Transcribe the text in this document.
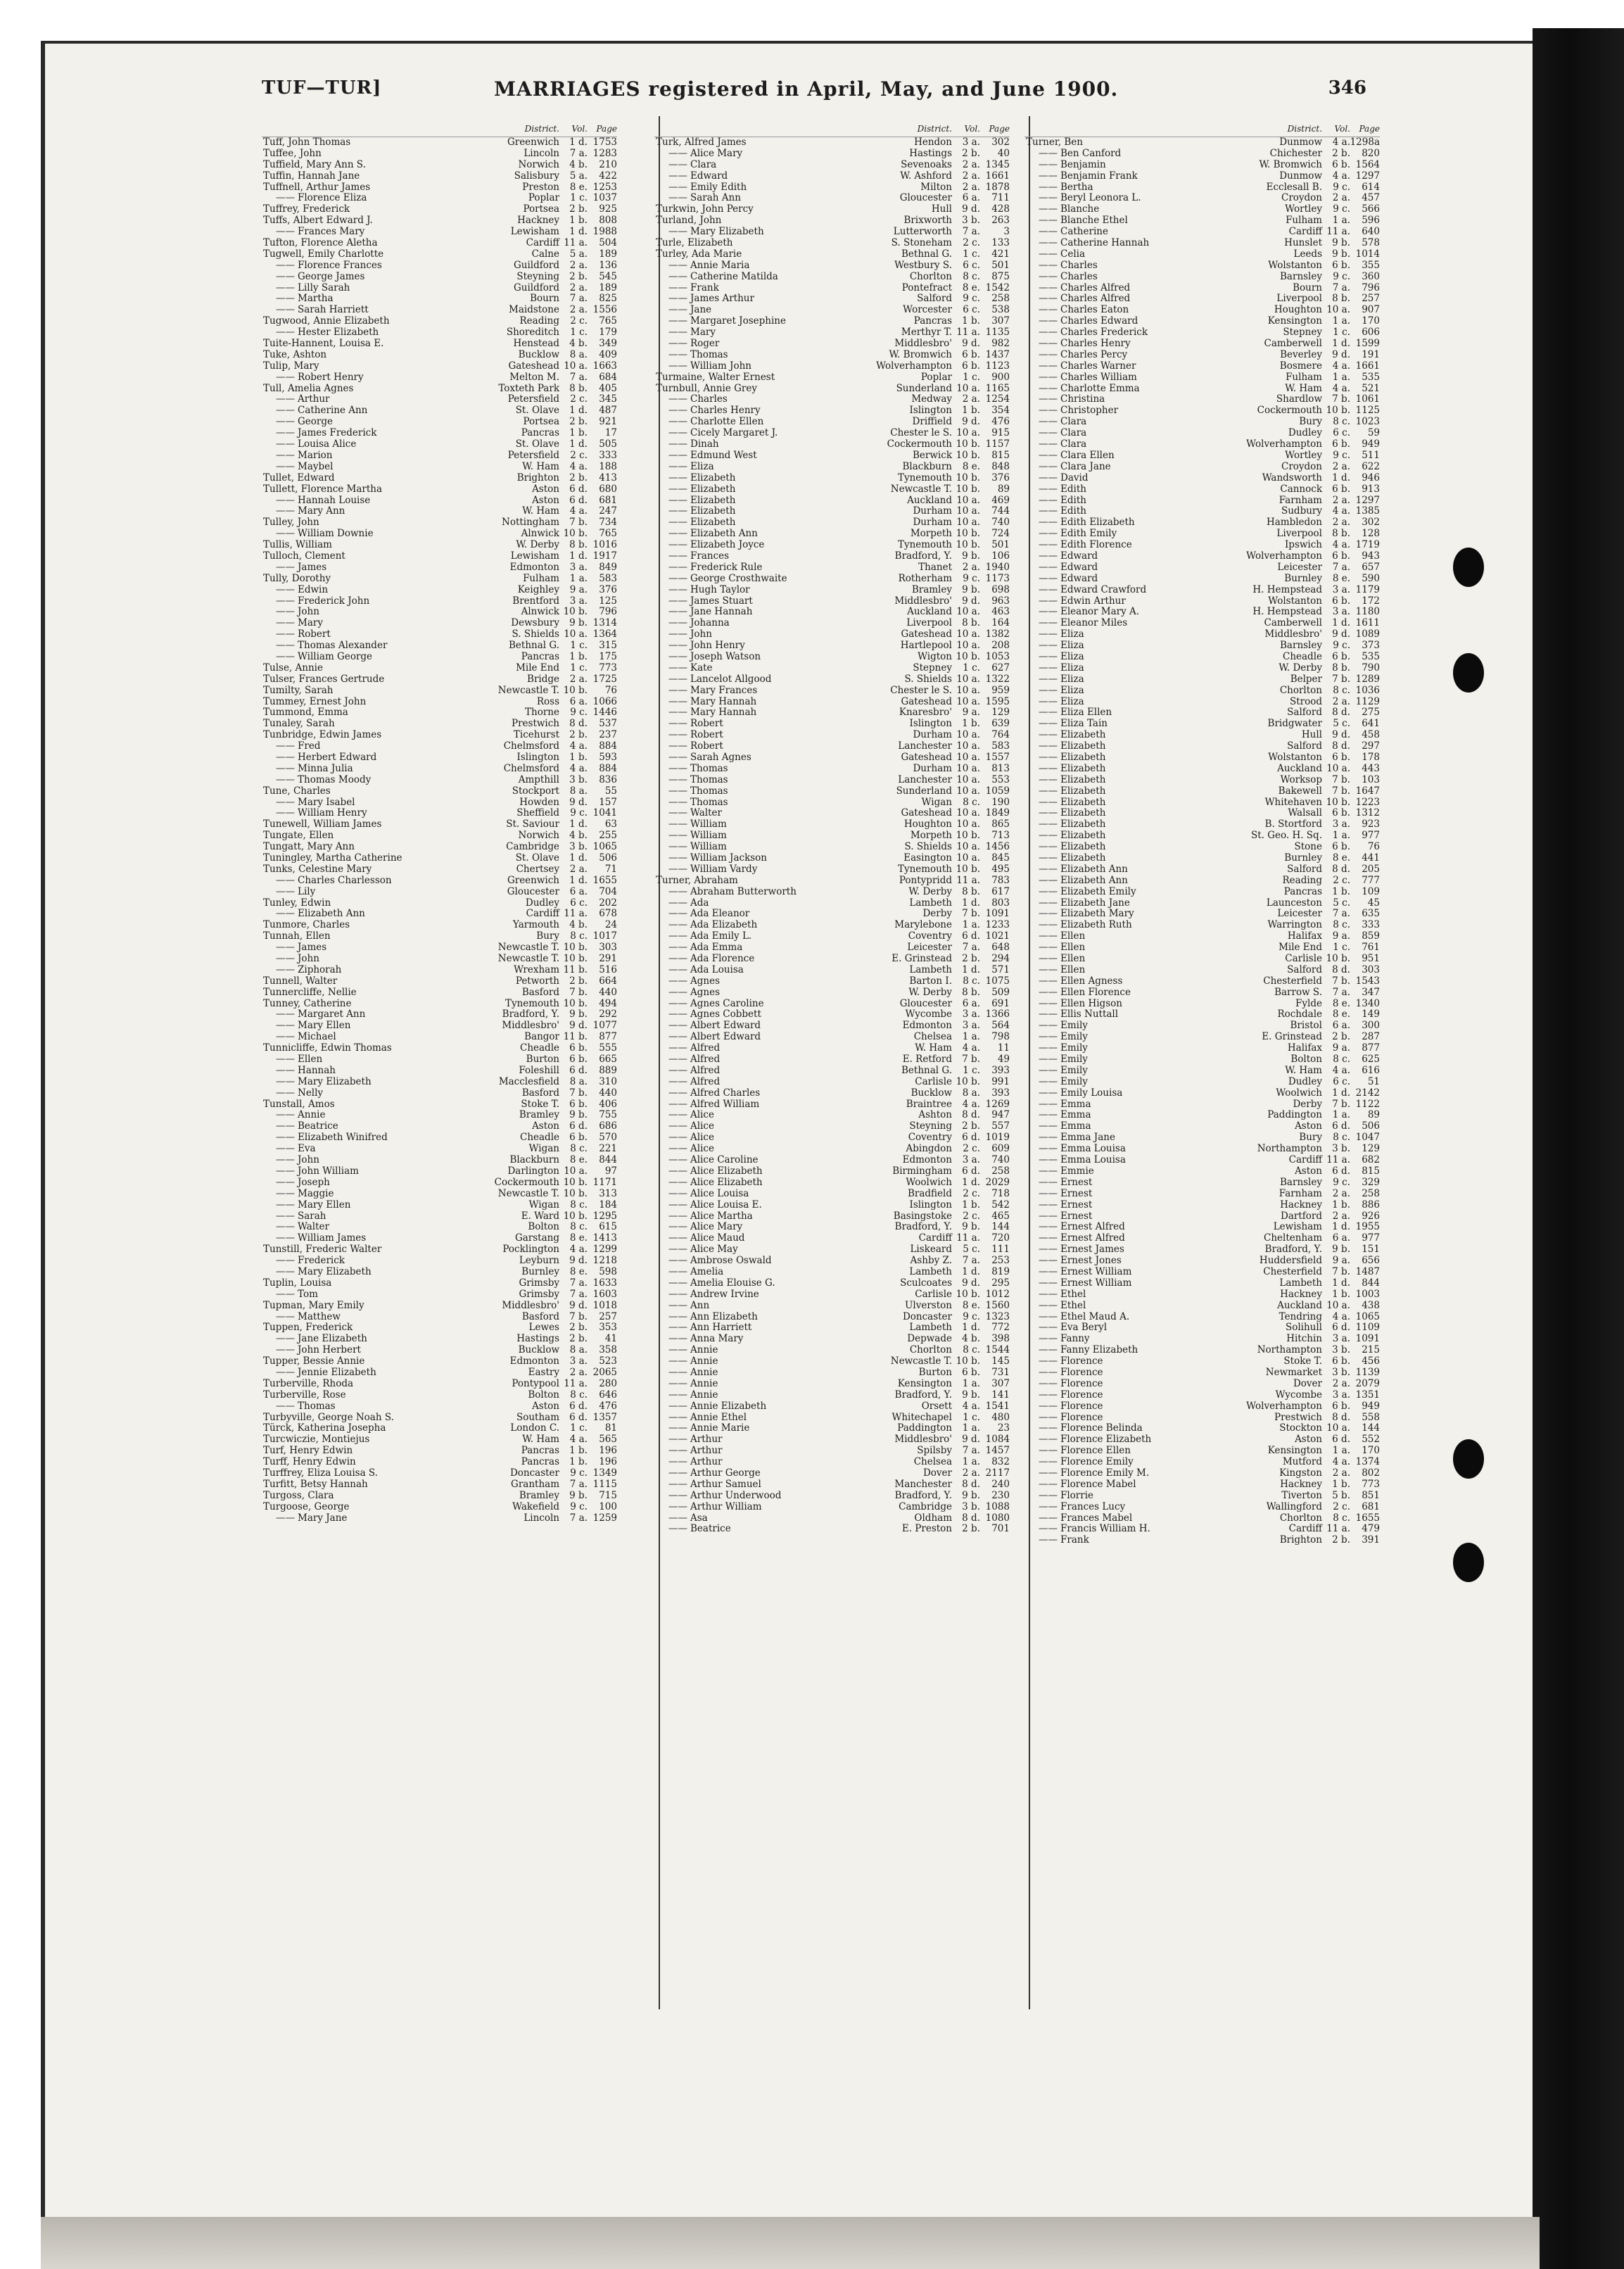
TUF—TUR]	MARRIAGES registered in April, May, and June 1900.	346
District. Vol. Page
Tuff, John Thomas	Greenwich 1 d. 1753
Tuffee, John	Lincoln 7 a. 1283
Tuffield, Mary Ann S.	Norwich 4 b. 210
Tuffin, Hannah Jane	Salisbury 5 a. 422
Tuffnell, Arthur James	Preston 8 e. 1253
—— Florence Eliza	Poplar 1 c. 1037
Tuffrey, Frederick	Portsea 2 b. 925
Tuffs, Albert Edward J.	Hackney 1 b. 808
—— Frances Mary	Lewisham 1 d. 1988
Tufton, Florence Aletha	Cardiff 11 a. 504
Tugwell, Emily Charlotte	Calne 5 a. 189
—— Florence Frances	Guildford 2 a. 136
—— George James	Steyning 2 b. 545
—— Lilly Sarah	Guildford 2 a. 189
—— Martha	Bourn 7 a. 825
—— Sarah Harriett	Maidstone 2 a. 1556
Tugwood, Annie Elizabeth	Reading 2 c. 765
—— Hester Elizabeth	Shoreditch 1 c. 179
Tuite-Hannent, Louisa E.	Henstead 4 b. 349
Tuke, Ashton	Bucklow 8 a. 409
Tulip, Mary	Gateshead 10 a. 1663
—— Robert Henry	Melton M. 7 a. 684
Tull, Amelia Agnes	Toxteth Park 8 b. 405
—— Arthur	Petersfield 2 c. 345
—— Catherine Ann	St. Olave 1 d. 487
—— George	Portsea 2 b. 921
—— James Frederick	Pancras 1 b. 17
—— Louisa Alice	St. Olave 1 d. 505
—— Marion	Petersfield 2 c. 333
—— Maybel	W. Ham 4 a. 188
Tullet, Edward	Brighton 2 b. 413
Tullett, Florence Martha	Aston 6 d. 680
—— Hannah Louise	Aston 6 d. 681
—— Mary Ann	W. Ham 4 a. 247
Tulley, John	Nottingham 7 b. 734
—— William Downie	Alnwick 10 b. 765
Tullis, William	W. Derby 8 b. 1016
Tulloch, Clement	Lewisham 1 d. 1917
—— James	Edmonton 3 a. 849
Tully, Dorothy	Fulham 1 a. 583
—— Edwin	Keighley 9 a. 376
—— Frederick John	Brentford 3 a. 125
—— John	Alnwick 10 b. 796
—— Mary	Dewsbury 9 b. 1314
—— Robert	S. Shields 10 a. 1364
—— Thomas Alexander	Bethnal G. 1 c. 315
—— William George	Pancras 1 b. 175
Tulse, Annie	Mile End 1 c. 773
Tulser, Frances Gertrude	Bridge 2 a. 1725
Tumilty, Sarah	Newcastle T. 10 b. 76
Tummey, Ernest John	Ross 6 a. 1066
Tummond, Emma	Thorne 9 c. 1446
Tunaley, Sarah	Prestwich 8 d. 537
Tunbridge, Edwin James	Ticehurst 2 b. 237
—— Fred	Chelmsford 4 a. 884
—— Herbert Edward	Islington 1 b. 593
—— Minna Julia	Chelmsford 4 a. 884
—— Thomas Moody	Ampthill 3 b. 836
Tune, Charles	Stockport 8 a. 55
—— Mary Isabel	Howden 9 d. 157
—— William Henry	Sheffield 9 c. 1041
Tunewell, William James	St. Saviour 1 d. 63
Tungate, Ellen	Norwich 4 b. 255
Tungatt, Mary Ann	Cambridge 3 b. 1065
Tuningley, Martha Catherine	St. Olave 1 d. 506
Tunks, Celestine Mary	Chertsey 2 a. 71
—— Charles Charlesson	Greenwich 1 d. 1655
—— Lily	Gloucester 6 a. 704
Tunley, Edwin	Dudley 6 c. 202
—— Elizabeth Ann	Cardiff 11 a. 678
Tunmore, Charles	Yarmouth 4 b. 24
Tunnah, Ellen	Bury 8 c. 1017
—— James	Newcastle T. 10 b. 303
—— John	Newcastle T. 10 b. 291
—— Ziphorah	Wrexham 11 b. 516
Tunnell, Walter	Petworth 2 b. 664
Tunnercliffe, Nellie	Basford 7 b. 440
Tunney, Catherine	Tynemouth 10 b. 494
—— Margaret Ann	Bradford, Y. 9 b. 292
—— Mary Ellen	Middlesbro' 9 d. 1077
—— Michael	Bangor 11 b. 877
Tunnicliffe, Edwin Thomas	Cheadle 6 b. 555
—— Ellen	Burton 6 b. 665
—— Hannah	Foleshill 6 d. 889
—— Mary Elizabeth	Macclesfield 8 a. 310
—— Nelly	Basford 7 b. 440
Tunstall, Amos	Stoke T. 6 b. 406
—— Annie	Bramley 9 b. 755
—— Beatrice	Aston 6 d. 686
—— Elizabeth Winifred	Cheadle 6 b. 570
—— Eva	Wigan 8 c. 221
—— John	Blackburn 8 e. 844
—— John William	Darlington 10 a. 97
—— Joseph	Cockermouth 10 b. 1171
—— Maggie	Newcastle T. 10 b. 313
—— Mary Ellen	Wigan 8 c. 184
—— Sarah	E. Ward 10 b. 1295
—— Walter	Bolton 8 c. 615
—— William James	Garstang 8 e. 1413
Tunstill, Frederic Walter	Pocklington 4 a. 1299
—— Frederick	Leyburn 9 d. 1218
—— Mary Elizabeth	Burnley 8 e. 598
Tuplin, Louisa	Grimsby 7 a. 1633
—— Tom	Grimsby 7 a. 1603
Tupman, Mary Emily	Middlesbro' 9 d. 1018
—— Matthew	Basford 7 b. 257
Tuppen, Frederick	Lewes 2 b. 353
—— Jane Elizabeth	Hastings 2 b. 41
—— John Herbert	Bucklow 8 a. 358
Tupper, Bessie Annie	Edmonton 3 a. 523
—— Jennie Elizabeth	Eastry 2 a. 2065
Turberville, Rhoda	Pontypool 11 a. 280
Turberville, Rose	Bolton 8 c. 646
—— Thomas	Aston 6 d. 476
Turbyville, George Noah S.	Southam 6 d. 1357
Türck, Katherina Josepha	London C. 1 c. 81
Turcwiczie, Montiejus	W. Ham 4 a. 565
Turf, Henry Edwin	Pancras 1 b. 196
Turff, Henry Edwin	Pancras 1 b. 196
Turffrey, Eliza Louisa S.	Doncaster 9 c. 1349
Turfitt, Betsy Hannah	Grantham 7 a. 1115
Turgoss, Clara	Bramley 9 b. 715
Turgoose, George	Wakefield 9 c. 100
—— Mary Jane	Lincoln 7 a. 1259
District. Vol. Page
Turk, Alfred James	Hendon 3 a. 302
—— Alice Mary	Hastings 2 b. 40
—— Clara	Sevenoaks 2 a. 1345
—— Edward	W. Ashford 2 a. 1661
—— Emily Edith	Milton 2 a. 1878
—— Sarah Ann	Gloucester 6 a. 711
Turkwin, John Percy	Hull 9 d. 428
Turland, John	Brixworth 3 b. 263
—— Mary Elizabeth	Lutterworth 7 a. 3
Turle, Elizabeth	S. Stoneham 2 c. 133
Turley, Ada Marie	Bethnal G. 1 c. 421
—— Annie Maria	Westbury S. 6 c. 501
—— Catherine Matilda	Chorlton 8 c. 875
—— Frank	Pontefract 8 e. 1542
—— James Arthur	Salford 9 c. 258
—— Jane	Worcester 6 c. 538
—— Margaret Josephine	Pancras 1 b. 307
—— Mary	Merthyr T. 11 a. 1135
—— Roger	Middlesbro' 9 d. 982
—— Thomas	W. Bromwich 6 b. 1437
—— William John	Wolverhampton 6 b. 1123
Turmaine, Walter Ernest	Poplar 1 c. 900
Turnbull, Annie Grey	Sunderland 10 a. 1165
—— Charles	Medway 2 a. 1254
—— Charles Henry	Islington 1 b. 354
—— Charlotte Ellen	Driffield 9 d. 476
—— Cicely Margaret J.	Chester le S. 10 a. 915
—— Dinah	Cockermouth 10 b. 1157
—— Edmund West	Berwick 10 b. 815
—— Eliza	Blackburn 8 e. 848
—— Elizabeth	Tynemouth 10 b. 376
—— Elizabeth	Newcastle T. 10 b. 89
—— Elizabeth	Auckland 10 a. 469
—— Elizabeth	Durham 10 a. 744
—— Elizabeth	Durham 10 a. 740
—— Elizabeth Ann	Morpeth 10 b. 724
—— Elizabeth Joyce	Tynemouth 10 b. 501
—— Frances	Bradford, Y. 9 b. 106
—— Frederick Rule	Thanet 2 a. 1940
—— George Crosthwaite	Rotherham 9 c. 1173
—— Hugh Taylor	Bramley 9 b. 698
—— James Stuart	Middlesbro' 9 d. 963
—— Jane Hannah	Auckland 10 a. 463
—— Johanna	Liverpool 8 b. 164
—— John	Gateshead 10 a. 1382
—— John Henry	Hartlepool 10 a. 208
—— Joseph Watson	Wigton 10 b. 1053
—— Kate	Stepney 1 c. 627
—— Lancelot Allgood	S. Shields 10 a. 1322
—— Mary Frances	Chester le S. 10 a. 959
—— Mary Hannah	Gateshead 10 a. 1595
—— Mary Hannah	Knaresbro' 9 a. 129
—— Robert	Islington 1 b. 639
—— Robert	Durham 10 a. 764
—— Robert	Lanchester 10 a. 583
—— Sarah Agnes	Gateshead 10 a. 1557
—— Thomas	Durham 10 a. 813
—— Thomas	Lanchester 10 a. 553
—— Thomas	Sunderland 10 a. 1059
—— Thomas	Wigan 8 c. 190
—— Walter	Gateshead 10 a. 1849
—— William	Houghton 10 a. 865
—— William	Morpeth 10 b. 713
—— William	S. Shields 10 a. 1456
—— William Jackson	Easington 10 a. 845
—— William Vardy	Tynemouth 10 b. 495
Turner, Abraham	Pontypridd 11 a. 783
—— Abraham Butterworth	W. Derby 8 b. 617
—— Ada	Lambeth 1 d. 803
—— Ada Eleanor	Derby 7 b. 1091
—— Ada Elizabeth	Marylebone 1 a. 1233
—— Ada Emily L.	Coventry 6 d. 1021
—— Ada Emma	Leicester 7 a. 648
—— Ada Florence	E. Grinstead 2 b. 294
—— Ada Louisa	Lambeth 1 d. 571
—— Agnes	Barton I. 8 c. 1075
—— Agnes	W. Derby 8 b. 509
—— Agnes Caroline	Gloucester 6 a. 691
—— Agnes Cobbett	Wycombe 3 a. 1366
—— Albert Edward	Edmonton 3 a. 564
—— Albert Edward	Chelsea 1 a. 798
—— Alfred	W. Ham 4 a. 11
—— Alfred	E. Retford 7 b. 49
—— Alfred	Bethnal G. 1 c. 393
—— Alfred	Carlisle 10 b. 991
—— Alfred Charles	Bucklow 8 a. 393
—— Alfred William	Braintree 4 a. 1269
—— Alice	Ashton 8 d. 947
—— Alice	Steyning 2 b. 557
—— Alice	Coventry 6 d. 1019
—— Alice	Abingdon 2 c. 609
—— Alice Caroline	Edmonton 3 a. 740
—— Alice Elizabeth	Birmingham 6 d. 258
—— Alice Elizabeth	Woolwich 1 d. 2029
—— Alice Louisa	Bradfield 2 c. 718
—— Alice Louisa E.	Islington 1 b. 542
—— Alice Martha	Basingstoke 2 c. 465
—— Alice Mary	Bradford, Y. 9 b. 144
—— Alice Maud	Cardiff 11 a. 720
—— Alice May	Liskeard 5 c. 111
—— Ambrose Oswald	Ashby Z. 7 a. 253
—— Amelia	Lambeth 1 d. 819
—— Amelia Elouise G.	Sculcoates 9 d. 295
—— Andrew Irvine	Carlisle 10 b. 1012
—— Ann	Ulverston 8 e. 1560
—— Ann Elizabeth	Doncaster 9 c. 1323
—— Ann Harriett	Lambeth 1 d. 772
—— Anna Mary	Depwade 4 b. 398
—— Annie	Chorlton 8 c. 1544
—— Annie	Newcastle T. 10 b. 145
—— Annie	Burton 6 b. 731
—— Annie	Kensington 1 a. 307
—— Annie	Bradford, Y. 9 b. 141
—— Annie Elizabeth	Orsett 4 a. 1541
—— Annie Ethel	Whitechapel 1 c. 480
—— Annie Marie	Paddington 1 a. 23
—— Arthur	Middlesbro' 9 d. 1084
—— Arthur	Spilsby 7 a. 1457
—— Arthur	Chelsea 1 a. 832
—— Arthur George	Dover 2 a. 2117
—— Arthur Samuel	Manchester 8 d. 240
—— Arthur Underwood	Bradford, Y. 9 b. 230
—— Arthur William	Cambridge 3 b. 1088
—— Asa	Oldham 8 d. 1080
—— Beatrice	E. Preston 2 b. 701
District. Vol. Page
Turner, Ben	Dunmow 4 a. 1298a
—— Ben Canford	Chichester 2 b. 820
—— Benjamin	W. Bromwich 6 b. 1564
—— Benjamin Frank	Dunmow 4 a. 1297
—— Bertha	Ecclesall B. 9 c. 614
—— Beryl Leonora L.	Croydon 2 a. 457
—— Blanche	Wortley 9 c. 566
—— Blanche Ethel	Fulham 1 a. 596
—— Catherine	Cardiff 11 a. 640
—— Catherine Hannah	Hunslet 9 b. 578
—— Celia	Leeds 9 b. 1014
—— Charles	Wolstanton 6 b. 355
—— Charles	Barnsley 9 c. 360
—— Charles Alfred	Bourn 7 a. 796
—— Charles Alfred	Liverpool 8 b. 257
—— Charles Eaton	Houghton 10 a. 907
—— Charles Edward	Kensington 1 a. 170
—— Charles Frederick	Stepney 1 c. 606
—— Charles Henry	Camberwell 1 d. 1599
—— Charles Percy	Beverley 9 d. 191
—— Charles Warner	Bosmere 4 a. 1661
—— Charles William	Fulham 1 a. 535
—— Charlotte Emma	W. Ham 4 a. 521
—— Christina	Shardlow 7 b. 1061
—— Christopher	Cockermouth 10 b. 1125
—— Clara	Bury 8 c. 1023
—— Clara	Dudley 6 c. 59
—— Clara	Wolverhampton 6 b. 949
—— Clara Ellen	Wortley 9 c. 511
—— Clara Jane	Croydon 2 a. 622
—— David	Wandsworth 1 d. 946
—— Edith	Cannock 6 b. 913
—— Edith	Farnham 2 a. 1297
—— Edith	Sudbury 4 a. 1385
—— Edith Elizabeth	Hambledon 2 a. 302
—— Edith Emily	Liverpool 8 b. 128
—— Edith Florence	Ipswich 4 a. 1719
—— Edward	Wolverhampton 6 b. 943
—— Edward	Leicester 7 a. 657
—— Edward	Burnley 8 e. 590
—— Edward Crawford	H. Hempstead 3 a. 1179
—— Edwin Arthur	Wolstanton 6 b. 172
—— Eleanor Mary A.	H. Hempstead 3 a. 1180
—— Eleanor Miles	Camberwell 1 d. 1611
—— Eliza	Middlesbro' 9 d. 1089
—— Eliza	Barnsley 9 c. 373
—— Eliza	Cheadle 6 b. 535
—— Eliza	W. Derby 8 b. 790
—— Eliza	Belper 7 b. 1289
—— Eliza	Chorlton 8 c. 1036
—— Eliza	Strood 2 a. 1129
—— Eliza Ellen	Salford 8 d. 275
—— Eliza Tain	Bridgwater 5 c. 641
—— Elizabeth	Hull 9 d. 458
—— Elizabeth	Salford 8 d. 297
—— Elizabeth	Wolstanton 6 b. 178
—— Elizabeth	Auckland 10 a. 443
—— Elizabeth	Worksop 7 b. 103
—— Elizabeth	Bakewell 7 b. 1647
—— Elizabeth	Whitehaven 10 b. 1223
—— Elizabeth	Walsall 6 b. 1312
—— Elizabeth	B. Stortford 3 a. 923
—— Elizabeth	St. Geo. H. Sq. 1 a. 977
—— Elizabeth	Stone 6 b. 76
—— Elizabeth	Burnley 8 e. 441
—— Elizabeth Ann	Salford 8 d. 205
—— Elizabeth Ann	Reading 2 c. 777
—— Elizabeth Emily	Pancras 1 b. 109
—— Elizabeth Jane	Launceston 5 c. 45
—— Elizabeth Mary	Leicester 7 a. 635
—— Elizabeth Ruth	Warrington 8 c. 333
—— Ellen	Halifax 9 a. 859
—— Ellen	Mile End 1 c. 761
—— Ellen	Carlisle 10 b. 951
—— Ellen	Salford 8 d. 303
—— Ellen Agness	Chesterfield 7 b. 1543
—— Ellen Florence	Barrow S. 7 a. 347
—— Ellen Higson	Fylde 8 e. 1340
—— Ellis Nuttall	Rochdale 8 e. 149
—— Emily	Bristol 6 a. 300
—— Emily	E. Grinstead 2 b. 287
—— Emily	Halifax 9 a. 877
—— Emily	Bolton 8 c. 625
—— Emily	W. Ham 4 a. 616
—— Emily	Dudley 6 c. 51
—— Emily Louisa	Woolwich 1 d. 2142
—— Emma	Derby 7 b. 1122
—— Emma	Paddington 1 a. 89
—— Emma	Aston 6 d. 506
—— Emma Jane	Bury 8 c. 1047
—— Emma Louisa	Northampton 3 b. 129
—— Emma Louisa	Cardiff 11 a. 682
—— Emmie	Aston 6 d. 815
—— Ernest	Barnsley 9 c. 329
—— Ernest	Farnham 2 a. 258
—— Ernest	Hackney 1 b. 886
—— Ernest	Dartford 2 a. 926
—— Ernest Alfred	Lewisham 1 d. 1955
—— Ernest Alfred	Cheltenham 6 a. 977
—— Ernest James	Bradford, Y. 9 b. 151
—— Ernest Jones	Huddersfield 9 a. 656
—— Ernest William	Chesterfield 7 b. 1487
—— Ernest William	Lambeth 1 d. 844
—— Ethel	Hackney 1 b. 1003
—— Ethel	Auckland 10 a. 438
—— Ethel Maud A.	Tendring 4 a. 1065
—— Eva Beryl	Solihull 6 d. 1109
—— Fanny	Hitchin 3 a. 1091
—— Fanny Elizabeth	Northampton 3 b. 215
—— Florence	Stoke T. 6 b. 456
—— Florence	Newmarket 3 b. 1139
—— Florence	Dover 2 a. 2079
—— Florence	Wycombe 3 a. 1351
—— Florence	Wolverhampton 6 b. 949
—— Florence	Prestwich 8 d. 558
—— Florence Belinda	Stockton 10 a. 144
—— Florence Elizabeth	Aston 6 d. 552
—— Florence Ellen	Kensington 1 a. 170
—— Florence Emily	Mutford 4 a. 1374
—— Florence Emily M.	Kingston 2 a. 802
—— Florence Mabel	Hackney 1 b. 773
—— Florrie	Tiverton 5 b. 851
—— Frances Lucy	Wallingford 2 c. 681
—— Frances Mabel	Chorlton 8 c. 1655
—— Francis William H.	Cardiff 11 a. 479
—— Frank	Brighton 2 b. 391
